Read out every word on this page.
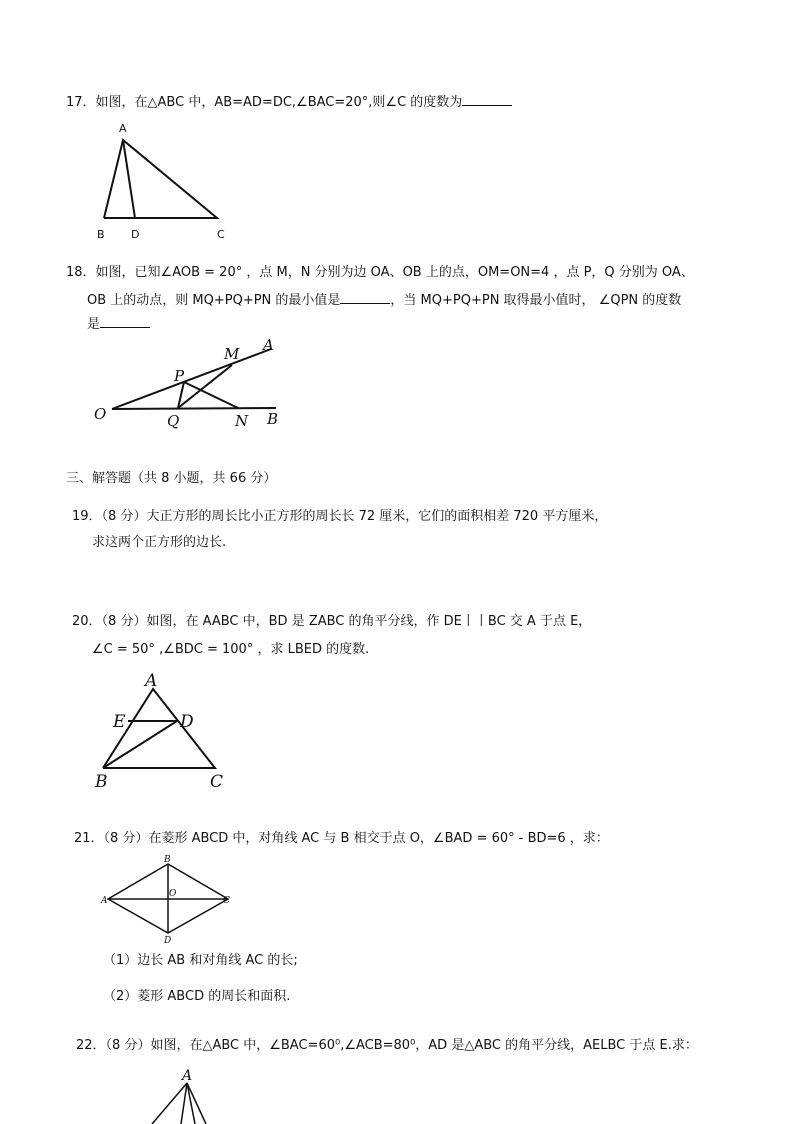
17．如图，在△ABC 中，AB=AD=DC,∠BAC=20°,则∠C 的度数为
A
B D	C
18．如图，已知∠AOB = 20° ，点 M，N 分别为边 OA、OB 上的点，OM=ON=4 ，点 P，Q 分别为 OA、
OB 上的动点，则 MQ+PQ+PN 的最小值是	，当 MQ+PQ+PN 取得最小值时， ∠QPN 的度数
是
O
P
M A
Q	N B
三、解答题（共 8 小题，共 66 分）
19．（8 分）大正方形的周长比小正方形的周长长 72 厘米，它们的面积相差 720 平方厘米，
求这两个正方形的边长.
20．（8 分）如图，在 AABC 中，BD 是 ZABC 的角平分线，作 DE丨丨BC 交 A 于点 E，
∠C = 50° ,∠BDC = 100° ，求 LBED 的度数.
A
E	D
B	C
21．（8 分）在菱形 ABCD 中，对角线 AC 与 B 相交于点 O，∠BAD = 60° - BD=6 ，求：
A
B
C
D
O
（1）边长 AB 和对角线 AC 的长;
（2）菱形 ABCD 的周长和面积.
22．（8 分）如图，在△ABC 中，∠BAC=60⁰,∠ACB=80⁰，AD 是△ABC 的角平分线，AELBC 于点 E.求：
A
